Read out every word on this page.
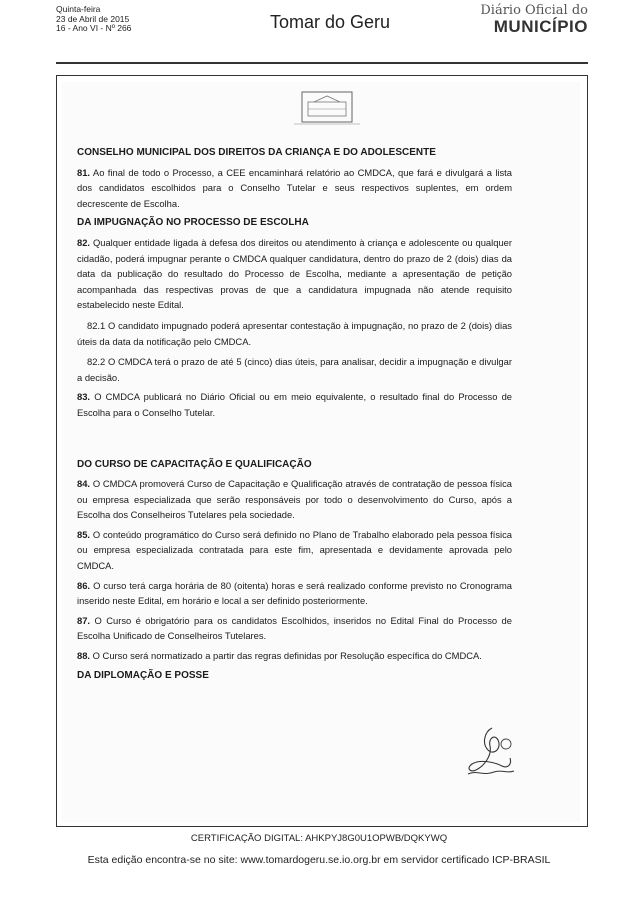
Quinta-feira
23 de Abril de 2015
16 - Ano VI - Nº 266	Tomar do Geru
Diário Oficial do
MUNICÍPIO

CONSELHO MUNICIPAL DOS DIREITOS DA CRIANÇA E DO ADOLESCENTE

81. Ao final de todo o Processo, a CEE encaminhará relatório ao CMDCA, que fará e divulgará a lista dos candidatos escolhidos para o Conselho Tutelar e seus respectivos suplentes, em ordem decrescente de Escolha.

DA IMPUGNAÇÃO NO PROCESSO DE ESCOLHA

82. Qualquer entidade ligada à defesa dos direitos ou atendimento à criança e adolescente ou qualquer cidadão, poderá impugnar perante o CMDCA qualquer candidatura, dentro do prazo de 2 (dois) dias da data da publicação do resultado do Processo de Escolha, mediante a apresentação de petição acompanhada das respectivas provas de que a candidatura impugnada não atende requisito estabelecido neste Edital.

82.1 O candidato impugnado poderá apresentar contestação à impugnação, no prazo de 2 (dois) dias úteis da data da notificação pelo CMDCA.

82.2 O CMDCA terá o prazo de até 5 (cinco) dias úteis, para analisar, decidir a impugnação e divulgar a decisão.

83. O CMDCA publicará no Diário Oficial ou em meio equivalente, o resultado final do Processo de Escolha para o Conselho Tutelar.

DO CURSO DE CAPACITAÇÃO E QUALIFICAÇÃO

84. O CMDCA promoverá Curso de Capacitação e Qualificação através de contratação de pessoa física ou empresa especializada que serão responsáveis por todo o desenvolvimento do Curso, após a Escolha dos Conselheiros Tutelares pela sociedade.

85. O conteúdo programático do Curso será definido no Plano de Trabalho elaborado pela pessoa física ou empresa especializada contratada para este fim, apresentada e devidamente aprovada pelo CMDCA.

86. O curso terá carga horária de 80 (oitenta) horas e será realizado conforme previsto no Cronograma inserido neste Edital, em horário e local a ser definido posteriormente.

87. O Curso é obrigatório para os candidatos Escolhidos, inseridos no Edital Final do Processo de Escolha Unificado de Conselheiros Tutelares.

88. O Curso será normatizado a partir das regras definidas por Resolução específica do CMDCA.

DA DIPLOMAÇÃO E POSSE

CERTIFICAÇÃO DIGITAL: AHKPYJ8G0U1OPWB/DQKYWQ
Esta edição encontra-se no site: www.tomardogeru.se.io.org.br em servidor certificado ICP-BRASIL
